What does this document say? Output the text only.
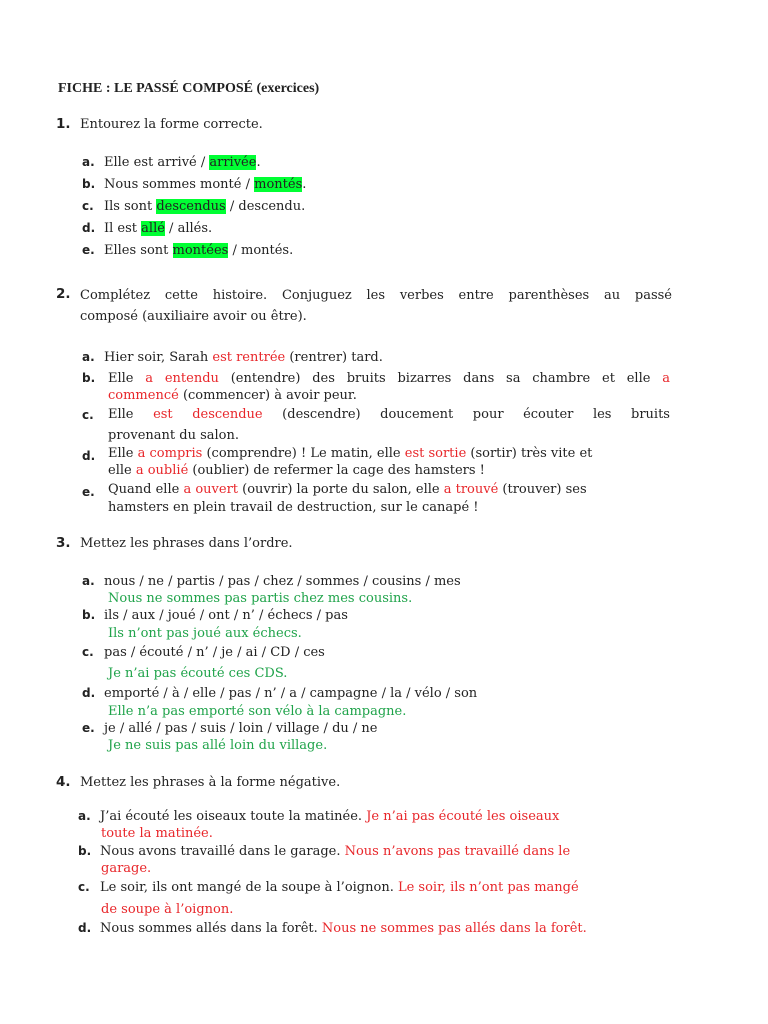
FICHE : LE PASSÉ COMPOSÉ (exercices)
1. Entourez la forme correcte.
a. Elle est arrivé / arrivée.
b. Nous sommes monté / montés.
c. Ils sont descendus / descendu.
d. Il est allé / allés.
e. Elles sont montées / montés.
2. Complétez cette histoire. Conjuguez les verbes entre parenthèses au passé
composé (auxiliaire avoir ou être).
a. Hier soir, Sarah est rentrée (rentrer) tard.
b. Elle a entendu (entendre) des bruits bizarres dans sa chambre et elle a
commencé (commencer) à avoir peur.
c.	Elle est descendue (descendre) doucement pour écouter les bruits
provenant du salon.
d. Elle a compris (comprendre) ! Le matin, elle est sortie (sortir) très vite et
elle a oublié (oublier) de refermer la cage des hamsters !
e.	Quand elle a ouvert (ouvrir) la porte du salon, elle a trouvé (trouver) ses
hamsters en plein travail de destruction, sur le canapé !
3. Mettez les phrases dans l’ordre.
a. nous / ne / partis / pas / chez / sommes / cousins / mes
Nous ne sommes pas partis chez mes cousins.
b. ils / aux / joué / ont / n’ / échecs / pas
Ils n’ont pas joué aux échecs.
c. pas / écouté / n’ / je / ai / CD / ces
Je n’ai pas écouté ces CDS.
d. emporté / à / elle / pas / n’ / a / campagne / la / vélo / son
Elle n’a pas emporté son vélo à la campagne.
e. je / allé / pas / suis / loin / village / du / ne
Je ne suis pas allé loin du village.
4. Mettez les phrases à la forme négative.
a. J’ai écouté les oiseaux toute la matinée. Je n’ai pas écouté les oiseaux
toute la matinée.
b. Nous avons travaillé dans le garage. Nous n’avons pas travaillé dans le
garage.
c. Le soir, ils ont mangé de la soupe à l’oignon. Le soir, ils n’ont pas mangé
de soupe à l’oignon.
d. Nous sommes allés dans la forêt. Nous ne sommes pas allés dans la forêt.
